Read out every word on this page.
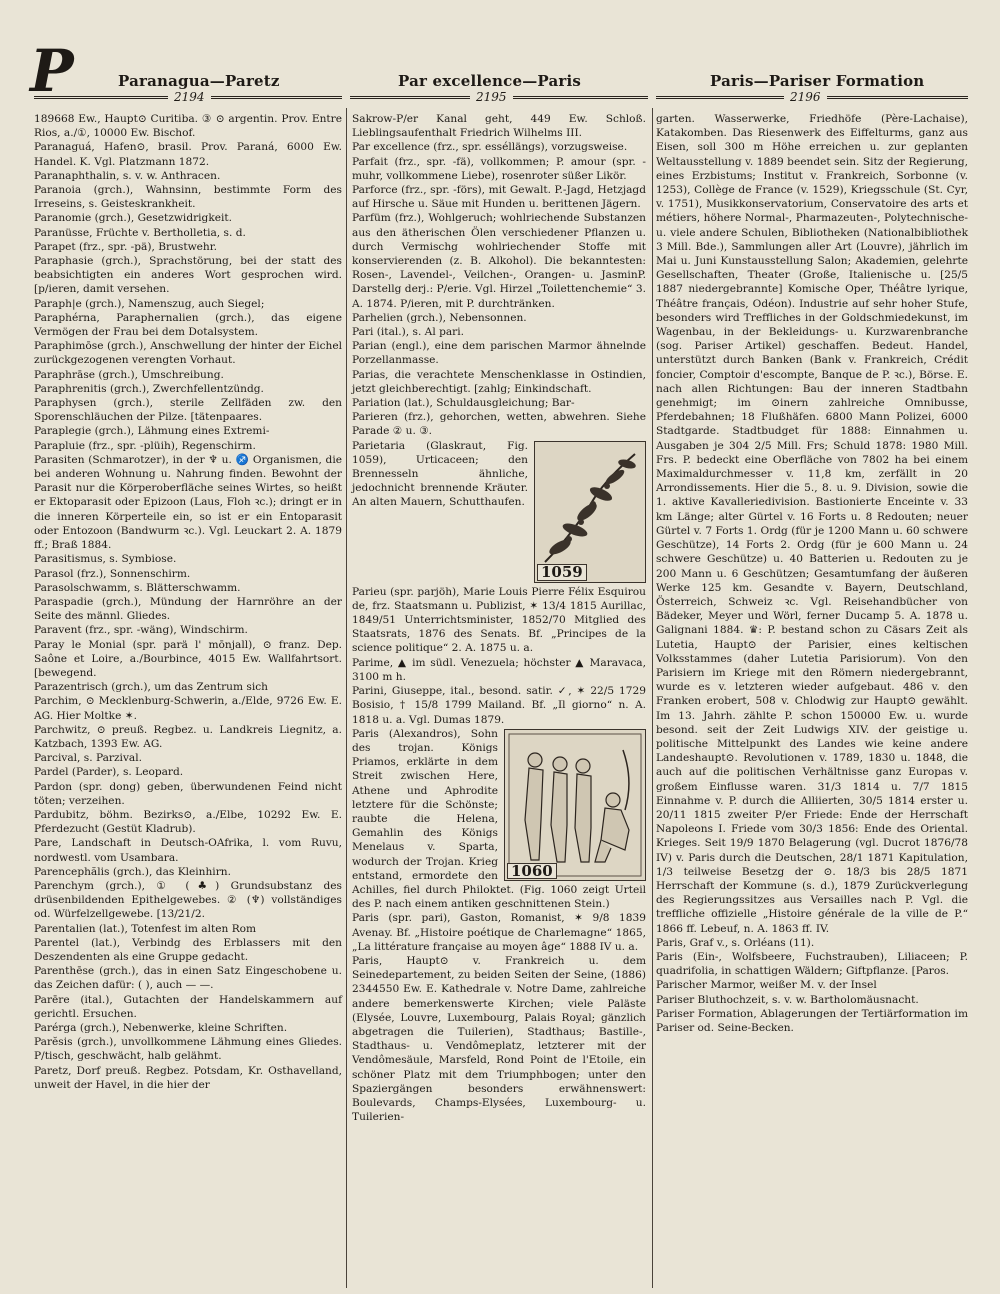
P	Paranagua—Paretz	Par excellence—Paris	Paris—Pariser Formation
2194	2195	2196

189668 Ew., Haupt⊙ Curitiba. ③ ⊙ argentin. Prov. Entre Rios, a./①, 10000 Ew. Bischof.

Paranaguá, Hafen⊙, brasil. Prov. Paraná, 6000 Ew. Handel. K. Vgl. Platzmann 1872.

Paranaphthalin, s. v. w. Anthracen.

Paranoia (grch.), Wahnsinn, bestimmte Form des Irreseins, s. Geisteskrankheit.

Paranomie (grch.), Gesetzwidrigkeit.

Paranüsse, Früchte v. Bertholletia, s. d.

Parapet (frz., spr. -pä), Brustwehr.

Paraphasie (grch.), Sprachstörung, bei der statt des beabsichtigten ein anderes Wort gesprochen wird. [p/ieren, damit versehen.

Paraph|e (grch.), Namenszug, auch Siegel;

Paraphérna, Paraphernalien (grch.), das eigene Vermögen der Frau bei dem Dotalsystem.

Paraphimōse (grch.), Anschwellung der hinter der Eichel zurückgezogenen verengten Vorhaut.

Paraphrāse (grch.), Umschreibung.

Paraphrenitis (grch.), Zwerchfellentzündg.

Paraphysen (grch.), sterile Zellfäden zw. den Sporenschläuchen der Pilze. [tätenpaares.

Paraplegie (grch.), Lähmung eines Extremi-

Parapluie (frz., spr. -plüih), Regenschirm.

Parasiten (Schmarotzer), in der ♆ u. ♐ Organismen, die bei anderen Wohnung u. Nahrung finden. Bewohnt der Parasit nur die Körperoberfläche seines Wirtes, so heißt er Ektoparasit oder Epizoon (Laus, Floh ꝛc.); dringt er in die inneren Körperteile ein, so ist er ein Entoparasit oder Entozoon (Bandwurm ꝛc.). Vgl. Leuckart 2. A. 1879 ff.; Braß 1884.

Parasitismus, s. Symbiose.

Parasol (frz.), Sonnenschirm.

Parasolschwamm, s. Blätterschwamm.

Paraspadie (grch.), Mündung der Harnröhre an der Seite des männl. Gliedes.

Paravent (frz., spr. -wäng), Windschirm.

Paray le Monial (spr. parä l' mōnjall), ⊙ franz. Dep. Saône et Loire, a./Bourbince, 4015 Ew. Wallfahrtsort. [bewegend.

Parazentrisch (grch.), um das Zentrum sich

Parchim, ⊙ Mecklenburg-Schwerin, a./Elde, 9726 Ew. E. AG. Hier Moltke ✶.

Parchwitz, ⊙ preuß. Regbez. u. Landkreis Liegnitz, a. Katzbach, 1393 Ew. AG.

Parcival, s. Parzival.

Pardel (Parder), s. Leopard.

Pardon (spr. dong) geben, überwundenen Feind nicht töten; verzeihen.

Pardubitz, böhm. Bezirks⊙, a./Elbe, 10292 Ew. E. Pferdezucht (Gestüt Kladrub).

Pare, Landschaft in Deutsch-OAfrika, l. vom Ruvu, nordwestl. vom Usambara.

Parencephălis (grch.), das Kleinhirn.

Parenchym (grch.), ① (♣) Grundsubstanz des drüsenbildenden Epithelgewebes. ② (♆) vollständiges od. Würfelzellgewebe. [13/21/2.

Parentalien (lat.), Totenfest im alten Rom

Parentel (lat.), Verbindg des Erblassers mit den Deszendenten als eine Gruppe gedacht.

Parenthēse (grch.), das in einen Satz Eingeschobene u. das Zeichen dafür: ( ), auch — —.

Parēre (ital.), Gutachten der Handelskammern auf gerichtl. Ersuchen.

Parérga (grch.), Nebenwerke, kleine Schriften.

Parĕsis (grch.), unvollkommene Lähmung eines Gliedes. P/tisch, geschwächt, halb gelähmt.

Paretz, Dorf preuß. Regbez. Potsdam, Kr. Osthavelland, unweit der Havel, in die hier der

Sakrow-P/er Kanal geht, 449 Ew. Schloß. Lieblingsaufenthalt Friedrich Wilhelms III.

Par excellence (frz., spr. esséllängs), vorzugsweise.

Parfait (frz., spr. -fä), vollkommen; P. amour (spr. -muhr, vollkommene Liebe), rosenroter süßer Likör.

Parforce (frz., spr. -förs), mit Gewalt. P.-Jagd, Hetzjagd auf Hirsche u. Säue mit Hunden u. berittenen Jägern.

Parfüm (frz.), Wohlgeruch; wohlriechende Substanzen aus den ätherischen Ölen verschiedener Pflanzen u. durch Vermischg wohlriechender Stoffe mit konservierenden (z. B. Alkohol). Die bekanntesten: Rosen-, Lavendel-, Veilchen-, Orangen- u. JasminP. Darstellg derj.: P/erie. Vgl. Hirzel „Toilettenchemie“ 3. A. 1874. P/ieren, mit P. durchtränken.

Parhelien (grch.), Nebensonnen.

Pari (ital.), s. Al pari.

Parian (engl.), eine dem parischen Marmor ähnelnde Porzellanmasse.

Parias, die verachtete Menschenklasse in Ostindien, jetzt gleichberechtigt. [zahlg; Einkindschaft.

Pariation (lat.), Schuldausgleichung; Bar-

Parieren (frz.), gehorchen, wetten, abwehren. Siehe Parade ② u. ③.

1059

Parietaria (Glaskraut, Fig. 1059), Urticaceen; den Brennesseln ähnliche, jedochnicht brennende Kräuter. An alten Mauern, Schutthaufen.

Parieu (spr. parjöh), Marie Louis Pierre Félix Esquirou de, frz. Staatsmann u. Publizist, ✶ 13/4 1815 Aurillac, 1849/51 Unterrichtsminister, 1852/70 Mitglied des Staatsrats, 1876 des Senats. Bf. „Principes de la science politique“ 2. A. 1875 u. a.

Parime, ▲ im südl. Venezuela; höchster ▲ Maravaca, 3100 m h.

Parini, Giuseppe, ital., besond. satir. ✓, ✶ 22/5 1729 Bosisio, † 15/8 1799 Mailand. Bf. „Il giorno“ n. A. 1818 u. a. Vgl. Dumas 1879.

1060

Paris (Alexandros), Sohn des trojan. Königs Priamos, erklärte in dem Streit zwischen Here, Athene und Aphrodite letztere für die Schönste; raubte die Helena, Gemahlin des Königs Menelaus v. Sparta, wodurch der Trojan. Krieg entstand, ermordete den Achilles, fiel durch Philoktet. (Fig. 1060 zeigt Urteil des P. nach einem antiken geschnittenen Stein.)

Paris (spr. pari), Gaston, Romanist, ✶ 9/8 1839 Avenay. Bf. „Histoire poétique de Charlemagne“ 1865, „La littérature française au moyen âge“ 1888 IV u. a.

Paris, Haupt⊙ v. Frankreich u. dem Seinedepartement, zu beiden Seiten der Seine, (1886) 2344550 Ew. E. Kathedrale v. Notre Dame, zahlreiche andere bemerkenswerte Kirchen; viele Paläste (Elysée, Louvre, Luxembourg, Palais Royal; gänzlich abgetragen die Tuilerien), Stadthaus; Bastille-, Stadthaus- u. Vendômeplatz, letzterer mit der Vendômesäule, Marsfeld, Rond Point de l'Etoile, ein schöner Platz mit dem Triumphbogen; unter den Spaziergängen besonders erwähnenswert: Boulevards, Champs-Elysées, Luxembourg- u. Tuilerien-

garten. Wasserwerke, Friedhöfe (Père-Lachaise), Katakomben. Das Riesenwerk des Eiffelturms, ganz aus Eisen, soll 300 m Höhe erreichen u. zur geplanten Weltausstellung v. 1889 beendet sein. Sitz der Regierung, eines Erzbistums; Institut v. Frankreich, Sorbonne (v. 1253), Collège de France (v. 1529), Kriegsschule (St. Cyr, v. 1751), Musikkonservatorium, Conservatoire des arts et métiers, höhere Normal-, Pharmazeuten-, Polytechnische- u. viele andere Schulen, Bibliotheken (Nationalbibliothek 3 Mill. Bde.), Sammlungen aller Art (Louvre), jährlich im Mai u. Juni Kunstausstellung Salon; Akademien, gelehrte Gesellschaften, Theater (Große, Italienische u. [25/5 1887 niedergebrannte] Komische Oper, Théâtre lyrique, Théâtre français, Odéon). Industrie auf sehr hoher Stufe, besonders wird Treffliches in der Goldschmiedekunst, im Wagenbau, in der Bekleidungs- u. Kurzwarenbranche (sog. Pariser Artikel) geschaffen. Bedeut. Handel, unterstützt durch Banken (Bank v. Frankreich, Crédit foncier, Comptoir d'escompte, Banque de P. ꝛc.), Börse. E. nach allen Richtungen: Bau der inneren Stadtbahn genehmigt; im ⊙inern zahlreiche Omnibusse, Pferdebahnen; 18 Flußhäfen. 6800 Mann Polizei, 6000 Stadtgarde. Stadtbudget für 1888: Einnahmen u. Ausgaben je 304 2/5 Mill. Frs; Schuld 1878: 1980 Mill. Frs. P. bedeckt eine Oberfläche von 7802 ha bei einem Maximaldurchmesser v. 11,8 km, zerfällt in 20 Arrondissements. Hier die 5., 8. u. 9. Division, sowie die 1. aktive Kavalleriedivision. Bastionierte Enceinte v. 33 km Länge; alter Gürtel v. 16 Forts u. 8 Redouten; neuer Gürtel v. 7 Forts 1. Ordg (für je 1200 Mann u. 60 schwere Geschütze), 14 Forts 2. Ordg (für je 600 Mann u. 24 schwere Geschütze) u. 40 Batterien u. Redouten zu je 200 Mann u. 6 Geschützen; Gesamtumfang der äußeren Werke 125 km. Gesandte v. Bayern, Deutschland, Österreich, Schweiz ꝛc. Vgl. Reisehandbücher von Bädeker, Meyer und Wörl, ferner Ducamp 5. A. 1878 u. Galignani 1884. ♛: P. bestand schon zu Cäsars Zeit als Lutetia, Haupt⊙ der Parisier, eines keltischen Volksstammes (daher Lutetia Parisiorum). Von den Parisiern im Kriege mit den Römern niedergebrannt, wurde es v. letzteren wieder aufgebaut. 486 v. den Franken erobert, 508 v. Chlodwig zur Haupt⊙ gewählt. Im 13. Jahrh. zählte P. schon 150000 Ew. u. wurde besond. seit der Zeit Ludwigs XIV. der geistige u. politische Mittelpunkt des Landes wie keine andere Landeshaupt⊙. Revolutionen v. 1789, 1830 u. 1848, die auch auf die politischen Verhältnisse ganz Europas v. großem Einflusse waren. 31/3 1814 u. 7/7 1815 Einnahme v. P. durch die Alliierten, 30/5 1814 erster u. 20/11 1815 zweiter P/er Friede: Ende der Herrschaft Napoleons I. Friede vom 30/3 1856: Ende des Oriental. Krieges. Seit 19/9 1870 Belagerung (vgl. Ducrot 1876/78 IV) v. Paris durch die Deutschen, 28/1 1871 Kapitulation, 1/3 teilweise Besetzg der ⊙. 18/3 bis 28/5 1871 Herrschaft der Kommune (s. d.), 1879 Zurückverlegung des Regierungssitzes aus Versailles nach P. Vgl. die treffliche offizielle „Histoire générale de la ville de P.“ 1866 ff. Lebeuf, n. A. 1863 ff. IV.

Paris, Graf v., s. Orléans (11).

Paris (Ein-, Wolfsbeere, Fuchstrauben), Liliaceen; P. quadrifolia, in schattigen Wäldern; Giftpflanze. [Paros.

Parischer Marmor, weißer M. v. der Insel

Pariser Bluthochzeit, s. v. w. Bartholomäusnacht.

Pariser Formation, Ablagerungen der Tertiärformation im Pariser od. Seine-Becken.
